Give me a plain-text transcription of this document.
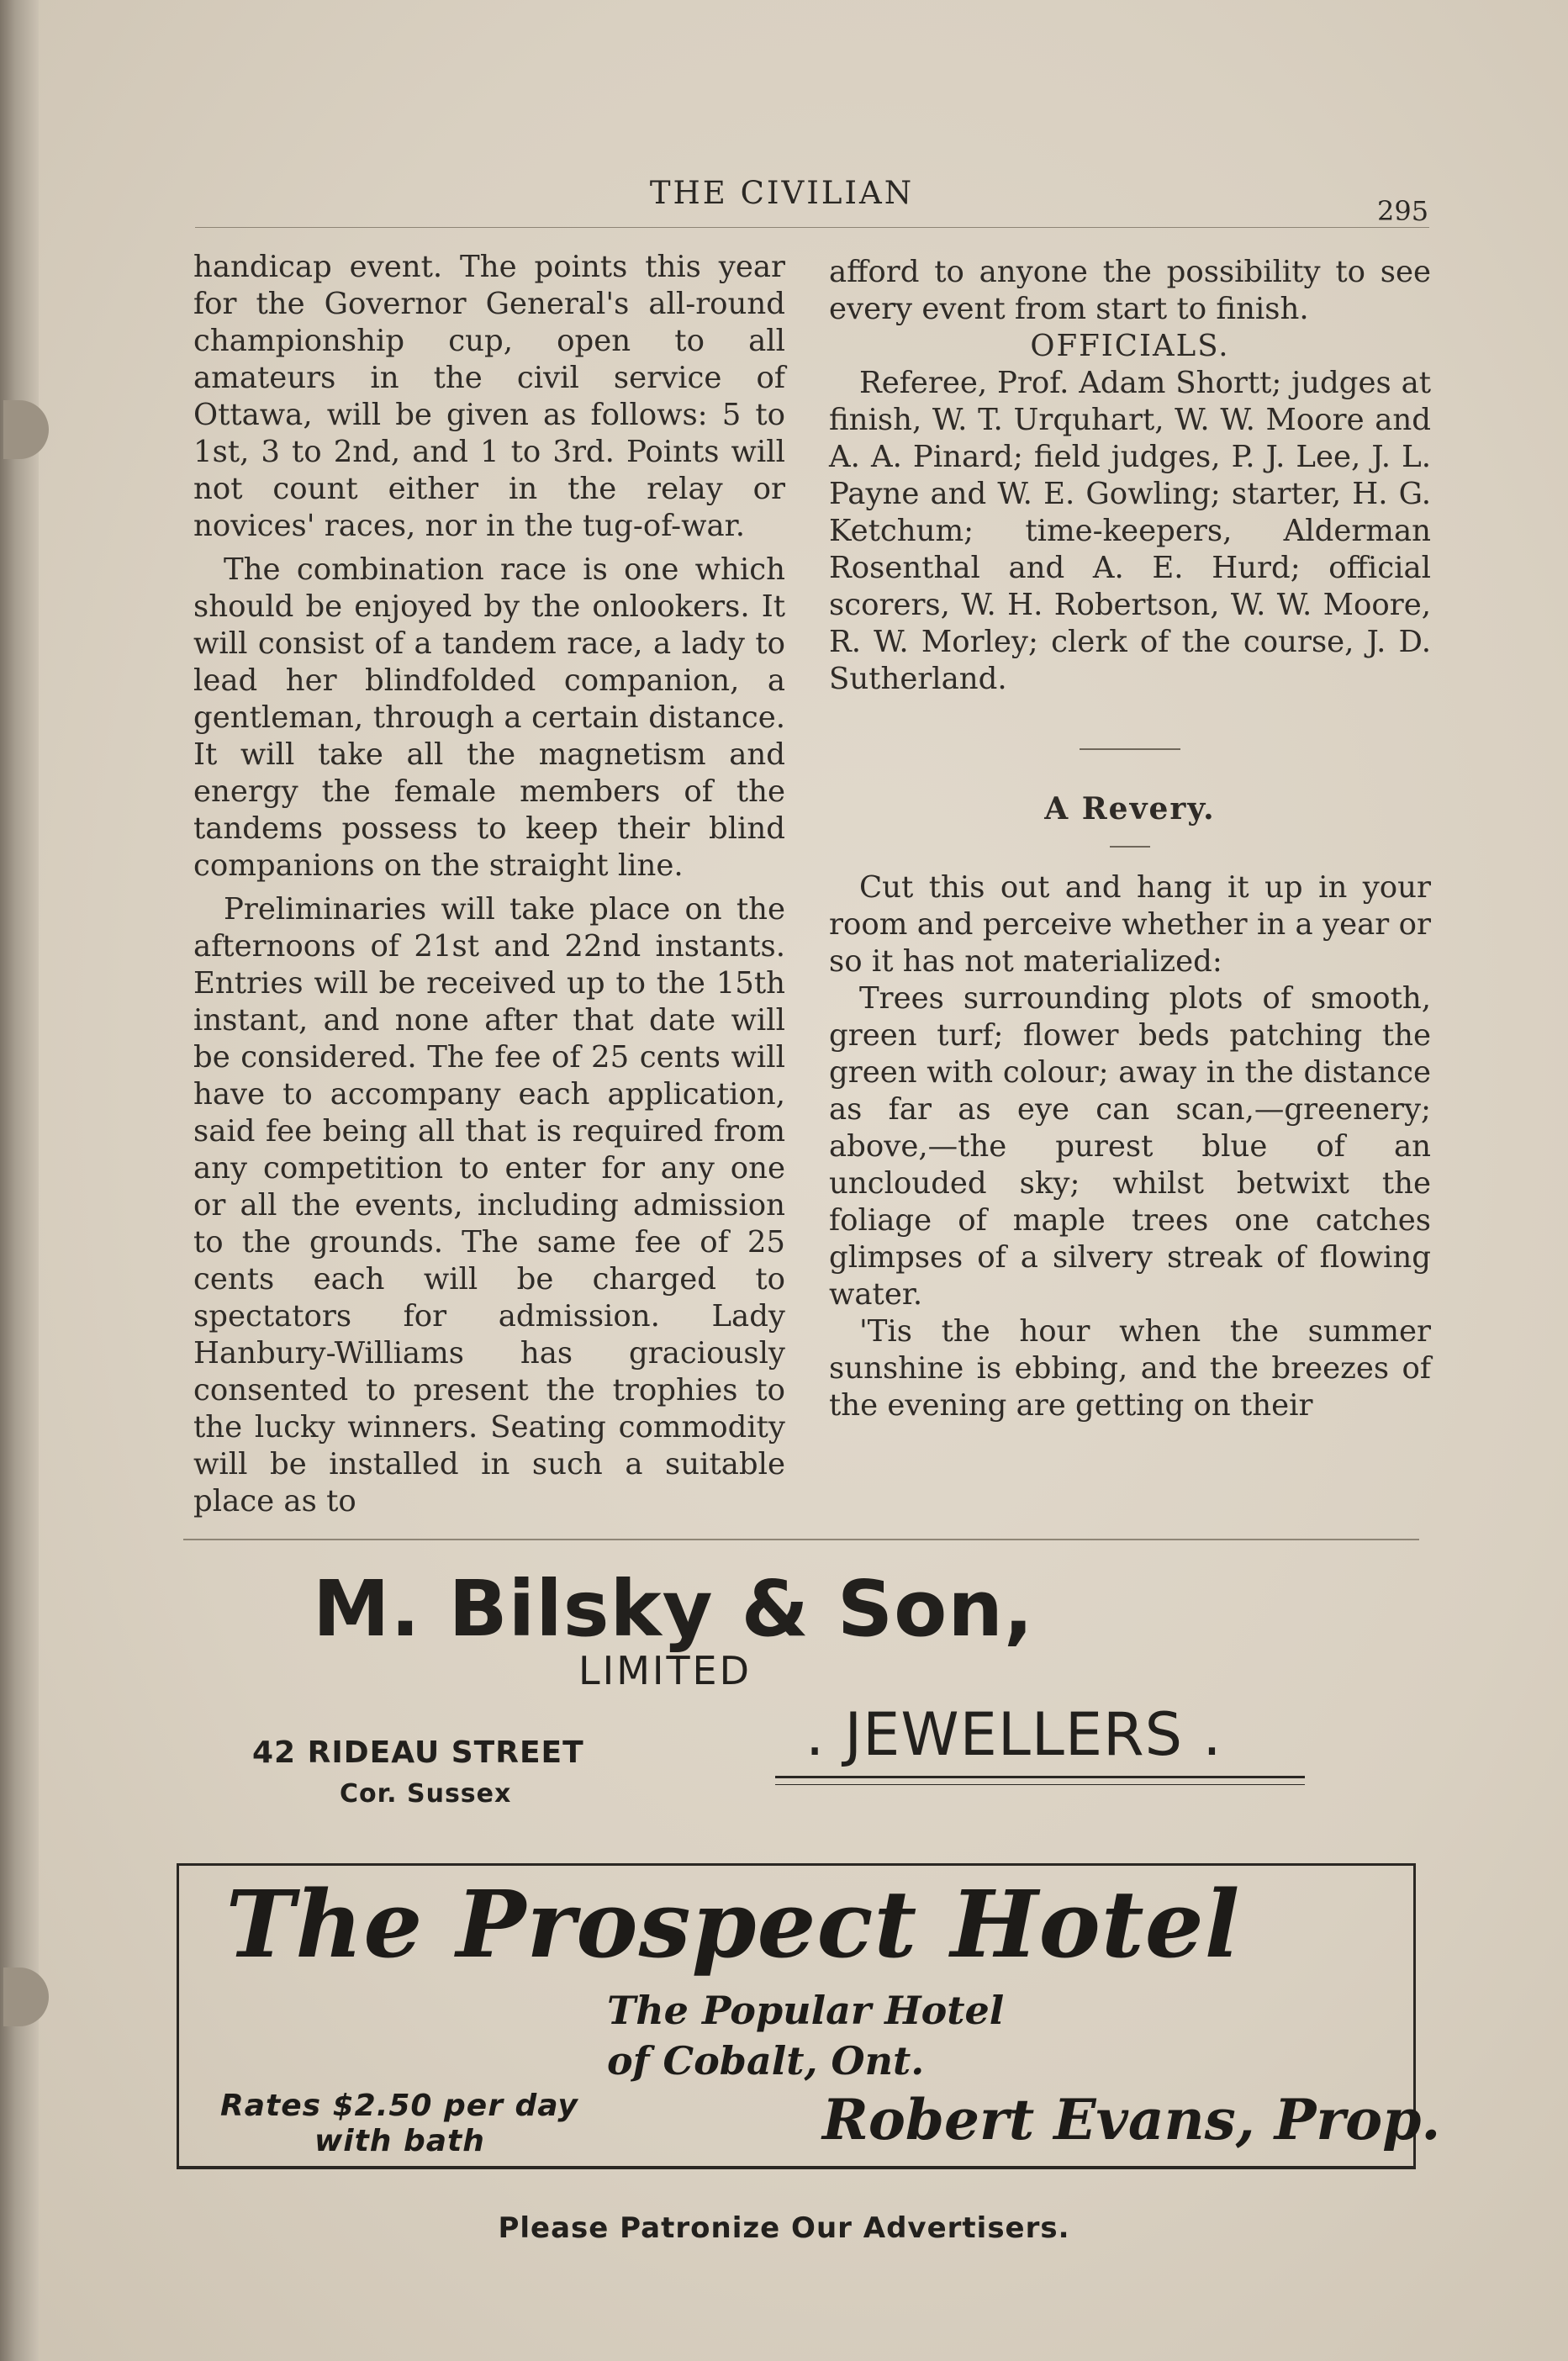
THE CIVILIAN	295

handicap event. The points this year for the Governor General's all-round championship cup, open to all amateurs in the civil service of Ottawa, will be given as follows: 5 to 1st, 3 to 2nd, and 1 to 3rd. Points will not count either in the relay or novices' races, nor in the tug-of-war.

The combination race is one which should be enjoyed by the onlookers. It will consist of a tandem race, a lady to lead her blindfolded companion, a gentleman, through a certain distance. It will take all the magnetism and energy the female members of the tandems possess to keep their blind companions on the straight line.

Preliminaries will take place on the afternoons of 21st and 22nd instants. Entries will be received up to the 15th instant, and none after that date will be considered. The fee of 25 cents will have to accompany each application, said fee being all that is required from any competition to enter for any one or all the events, including admission to the grounds. The same fee of 25 cents each will be charged to spectators for admission. Lady Hanbury-Williams has graciously consented to present the trophies to the lucky winners. Seating commodity will be installed in such a suitable place as to

afford to anyone the possibility to see every event from start to finish.

OFFICIALS.

Referee, Prof. Adam Shortt; judges at finish, W. T. Urquhart, W. W. Moore and A. A. Pinard; field judges, P. J. Lee, J. L. Payne and W. E. Gowling; starter, H. G. Ketchum; time-keepers, Alderman Rosenthal and A. E. Hurd; official scorers, W. H. Robertson, W. W. Moore, R. W. Morley; clerk of the course, J. D. Sutherland.

A Revery.

Cut this out and hang it up in your room and perceive whether in a year or so it has not materialized:

Trees surrounding plots of smooth, green turf; flower beds patching the green with colour; away in the distance as far as eye can scan,—greenery; above,—the purest blue of an unclouded sky; whilst betwixt the foliage of maple trees one catches glimpses of a silvery streak of flowing water.

'Tis the hour when the summer sunshine is ebbing, and the breezes of the evening are getting on their

M. Bilsky & Son,
LIMITED
42 RIDEAU STREET
Cor. Sussex
. JEWELLERS .
The Prospect Hotel
The Popular Hotel
of Cobalt, Ont.
Rates $2.50 per day
with bath	Robert Evans, Prop.
Please Patronize Our Advertisers.
